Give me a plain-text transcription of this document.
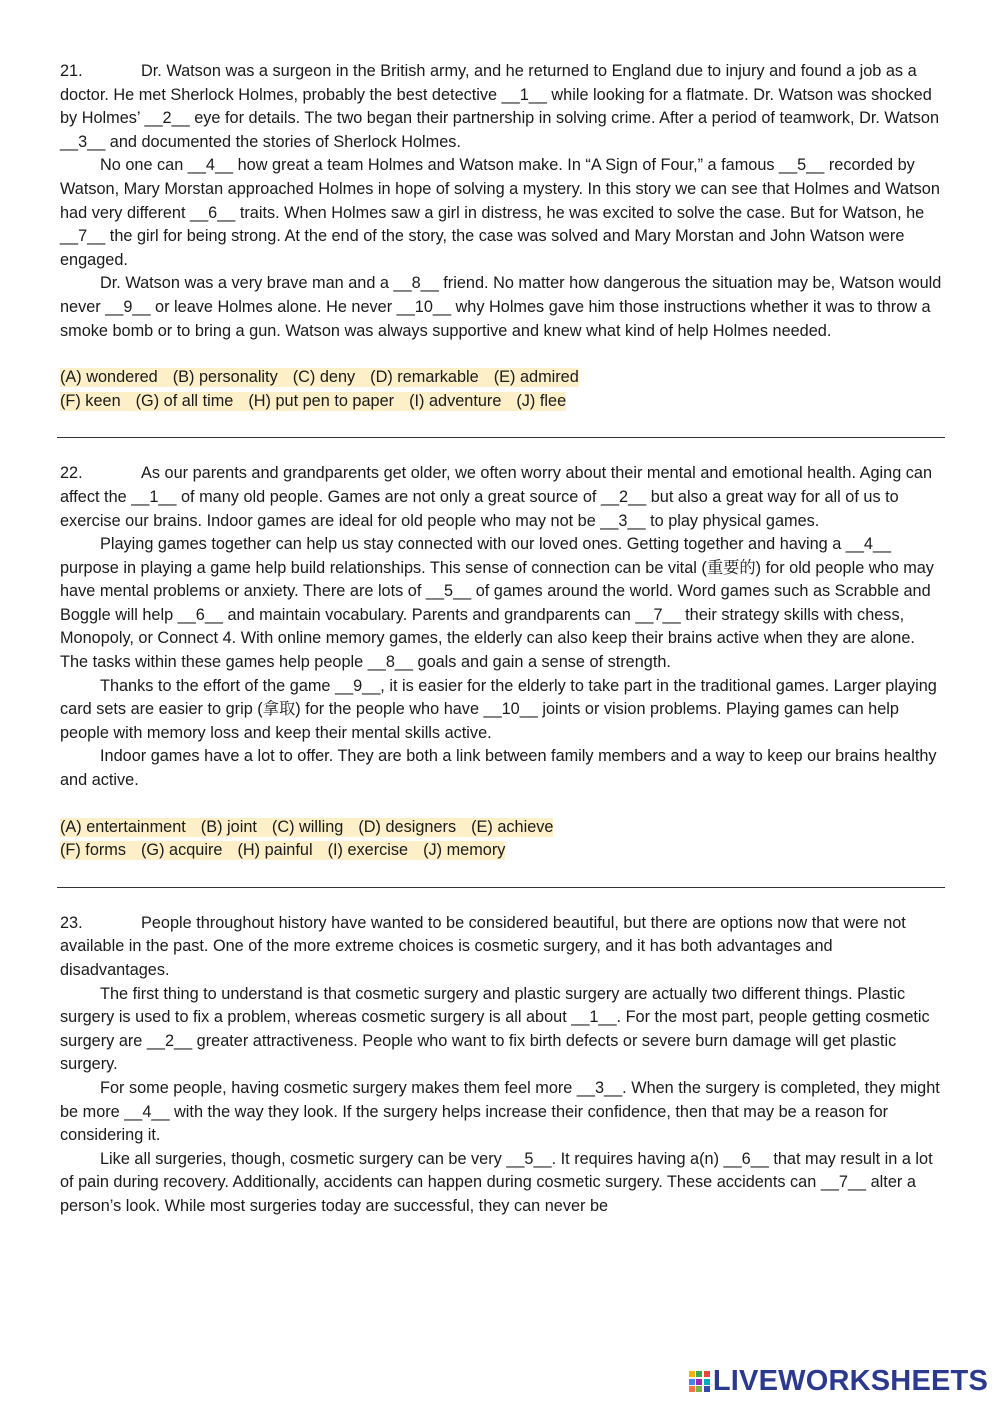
21.	Dr. Watson was a surgeon in the British army, and he returned to England due to injury and found a job as a doctor. He met Sherlock Holmes, probably the best detective __1__ while looking for a flatmate. Dr. Watson was shocked by Holmes’ __2__ eye for details. The two began their partnership in solving crime. After a period of teamwork, Dr. Watson __3__ and documented the stories of Sherlock Holmes.

No one can __4__ how great a team Holmes and Watson make. In “A Sign of Four,” a famous __5__ recorded by Watson, Mary Morstan approached Holmes in hope of solving a mystery. In this story we can see that Holmes and Watson had very different __6__ traits. When Holmes saw a girl in distress, he was excited to solve the case. But for Watson, he __7__ the girl for being strong. At the end of the story, the case was solved and Mary Morstan and John Watson were engaged.

Dr. Watson was a very brave man and a __8__ friend. No matter how dangerous the situation may be, Watson would never __9__ or leave Holmes alone. He never __10__ why Holmes gave him those instructions whether it was to throw a smoke bomb or to bring a gun. Watson was always supportive and knew what kind of help Holmes needed.

(A) wondered (B) personality (C) deny (D) remarkable (E) admired
(F) keen (G) of all time (H) put pen to paper (I) adventure (J) flee

22.	As our parents and grandparents get older, we often worry about their mental and emotional health. Aging can affect the __1__ of many old people. Games are not only a great source of __2__ but also a great way for all of us to exercise our brains. Indoor games are ideal for old people who may not be __3__ to play physical games.

Playing games together can help us stay connected with our loved ones. Getting together and having a __4__ purpose in playing a game help build relationships. This sense of connection can be vital (重要的) for old people who may have mental problems or anxiety. There are lots of __5__ of games around the world. Word games such as Scrabble and Boggle will help __6__ and maintain vocabulary. Parents and grandparents can __7__ their strategy skills with chess, Monopoly, or Connect 4. With online memory games, the elderly can also keep their brains active when they are alone. The tasks within these games help people __8__ goals and gain a sense of strength.

Thanks to the effort of the game __9__, it is easier for the elderly to take part in the traditional games. Larger playing card sets are easier to grip (拿取) for the people who have __10__ joints or vision problems. Playing games can help people with memory loss and keep their mental skills active.

Indoor games have a lot to offer. They are both a link between family members and a way to keep our brains healthy and active.

(A) entertainment (B) joint (C) willing (D) designers (E) achieve
(F) forms (G) acquire (H) painful (I) exercise (J) memory

23.	People throughout history have wanted to be considered beautiful, but there are options now that were not available in the past. One of the more extreme choices is cosmetic surgery, and it has both advantages and disadvantages.

The first thing to understand is that cosmetic surgery and plastic surgery are actually two different things. Plastic surgery is used to fix a problem, whereas cosmetic surgery is all about __1__. For the most part, people getting cosmetic surgery are __2__ greater attractiveness. People who want to fix birth defects or severe burn damage will get plastic surgery.

For some people, having cosmetic surgery makes them feel more __3__. When the surgery is completed, they might be more __4__ with the way they look. If the surgery helps increase their confidence, then that may be a reason for considering it.

Like all surgeries, though, cosmetic surgery can be very __5__. It requires having a(n) __6__ that may result in a lot of pain during recovery. Additionally, accidents can happen during cosmetic surgery. These accidents can __7__ alter a person’s look. While most surgeries today are successful, they can never be

LIVEWORKSHEETS
